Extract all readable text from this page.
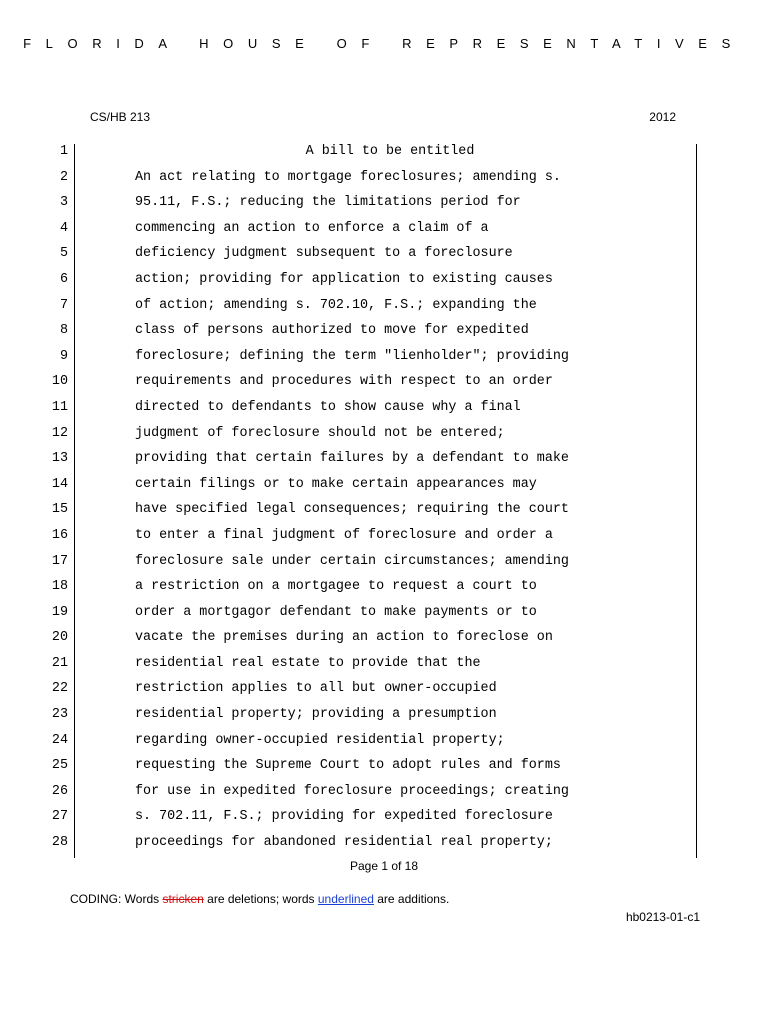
FLORIDA HOUSE OF REPRESENTATIVES
CS/HB 213	2012
1
2
3
4
5
6
7
8
9
10
11
12
13
14
15
16
17
18
19
20
21
22
23
24
25
26
27
28
A bill to be entitled
An act relating to mortgage foreclosures; amending s.
95.11, F.S.; reducing the limitations period for
commencing an action to enforce a claim of a
deficiency judgment subsequent to a foreclosure
action; providing for application to existing causes
of action; amending s. 702.10, F.S.; expanding the
class of persons authorized to move for expedited
foreclosure; defining the term "lienholder"; providing
requirements and procedures with respect to an order
directed to defendants to show cause why a final
judgment of foreclosure should not be entered;
providing that certain failures by a defendant to make
certain filings or to make certain appearances may
have specified legal consequences; requiring the court
to enter a final judgment of foreclosure and order a
foreclosure sale under certain circumstances; amending
a restriction on a mortgagee to request a court to
order a mortgagor defendant to make payments or to
vacate the premises during an action to foreclose on
residential real estate to provide that the
restriction applies to all but owner-occupied
residential property; providing a presumption
regarding owner-occupied residential property;
requesting the Supreme Court to adopt rules and forms
for use in expedited foreclosure proceedings; creating
s. 702.11, F.S.; providing for expedited foreclosure
proceedings for abandoned residential real property;
Page 1 of 18
CODING: Words stricken are deletions; words underlined are additions.
hb0213-01-c1
